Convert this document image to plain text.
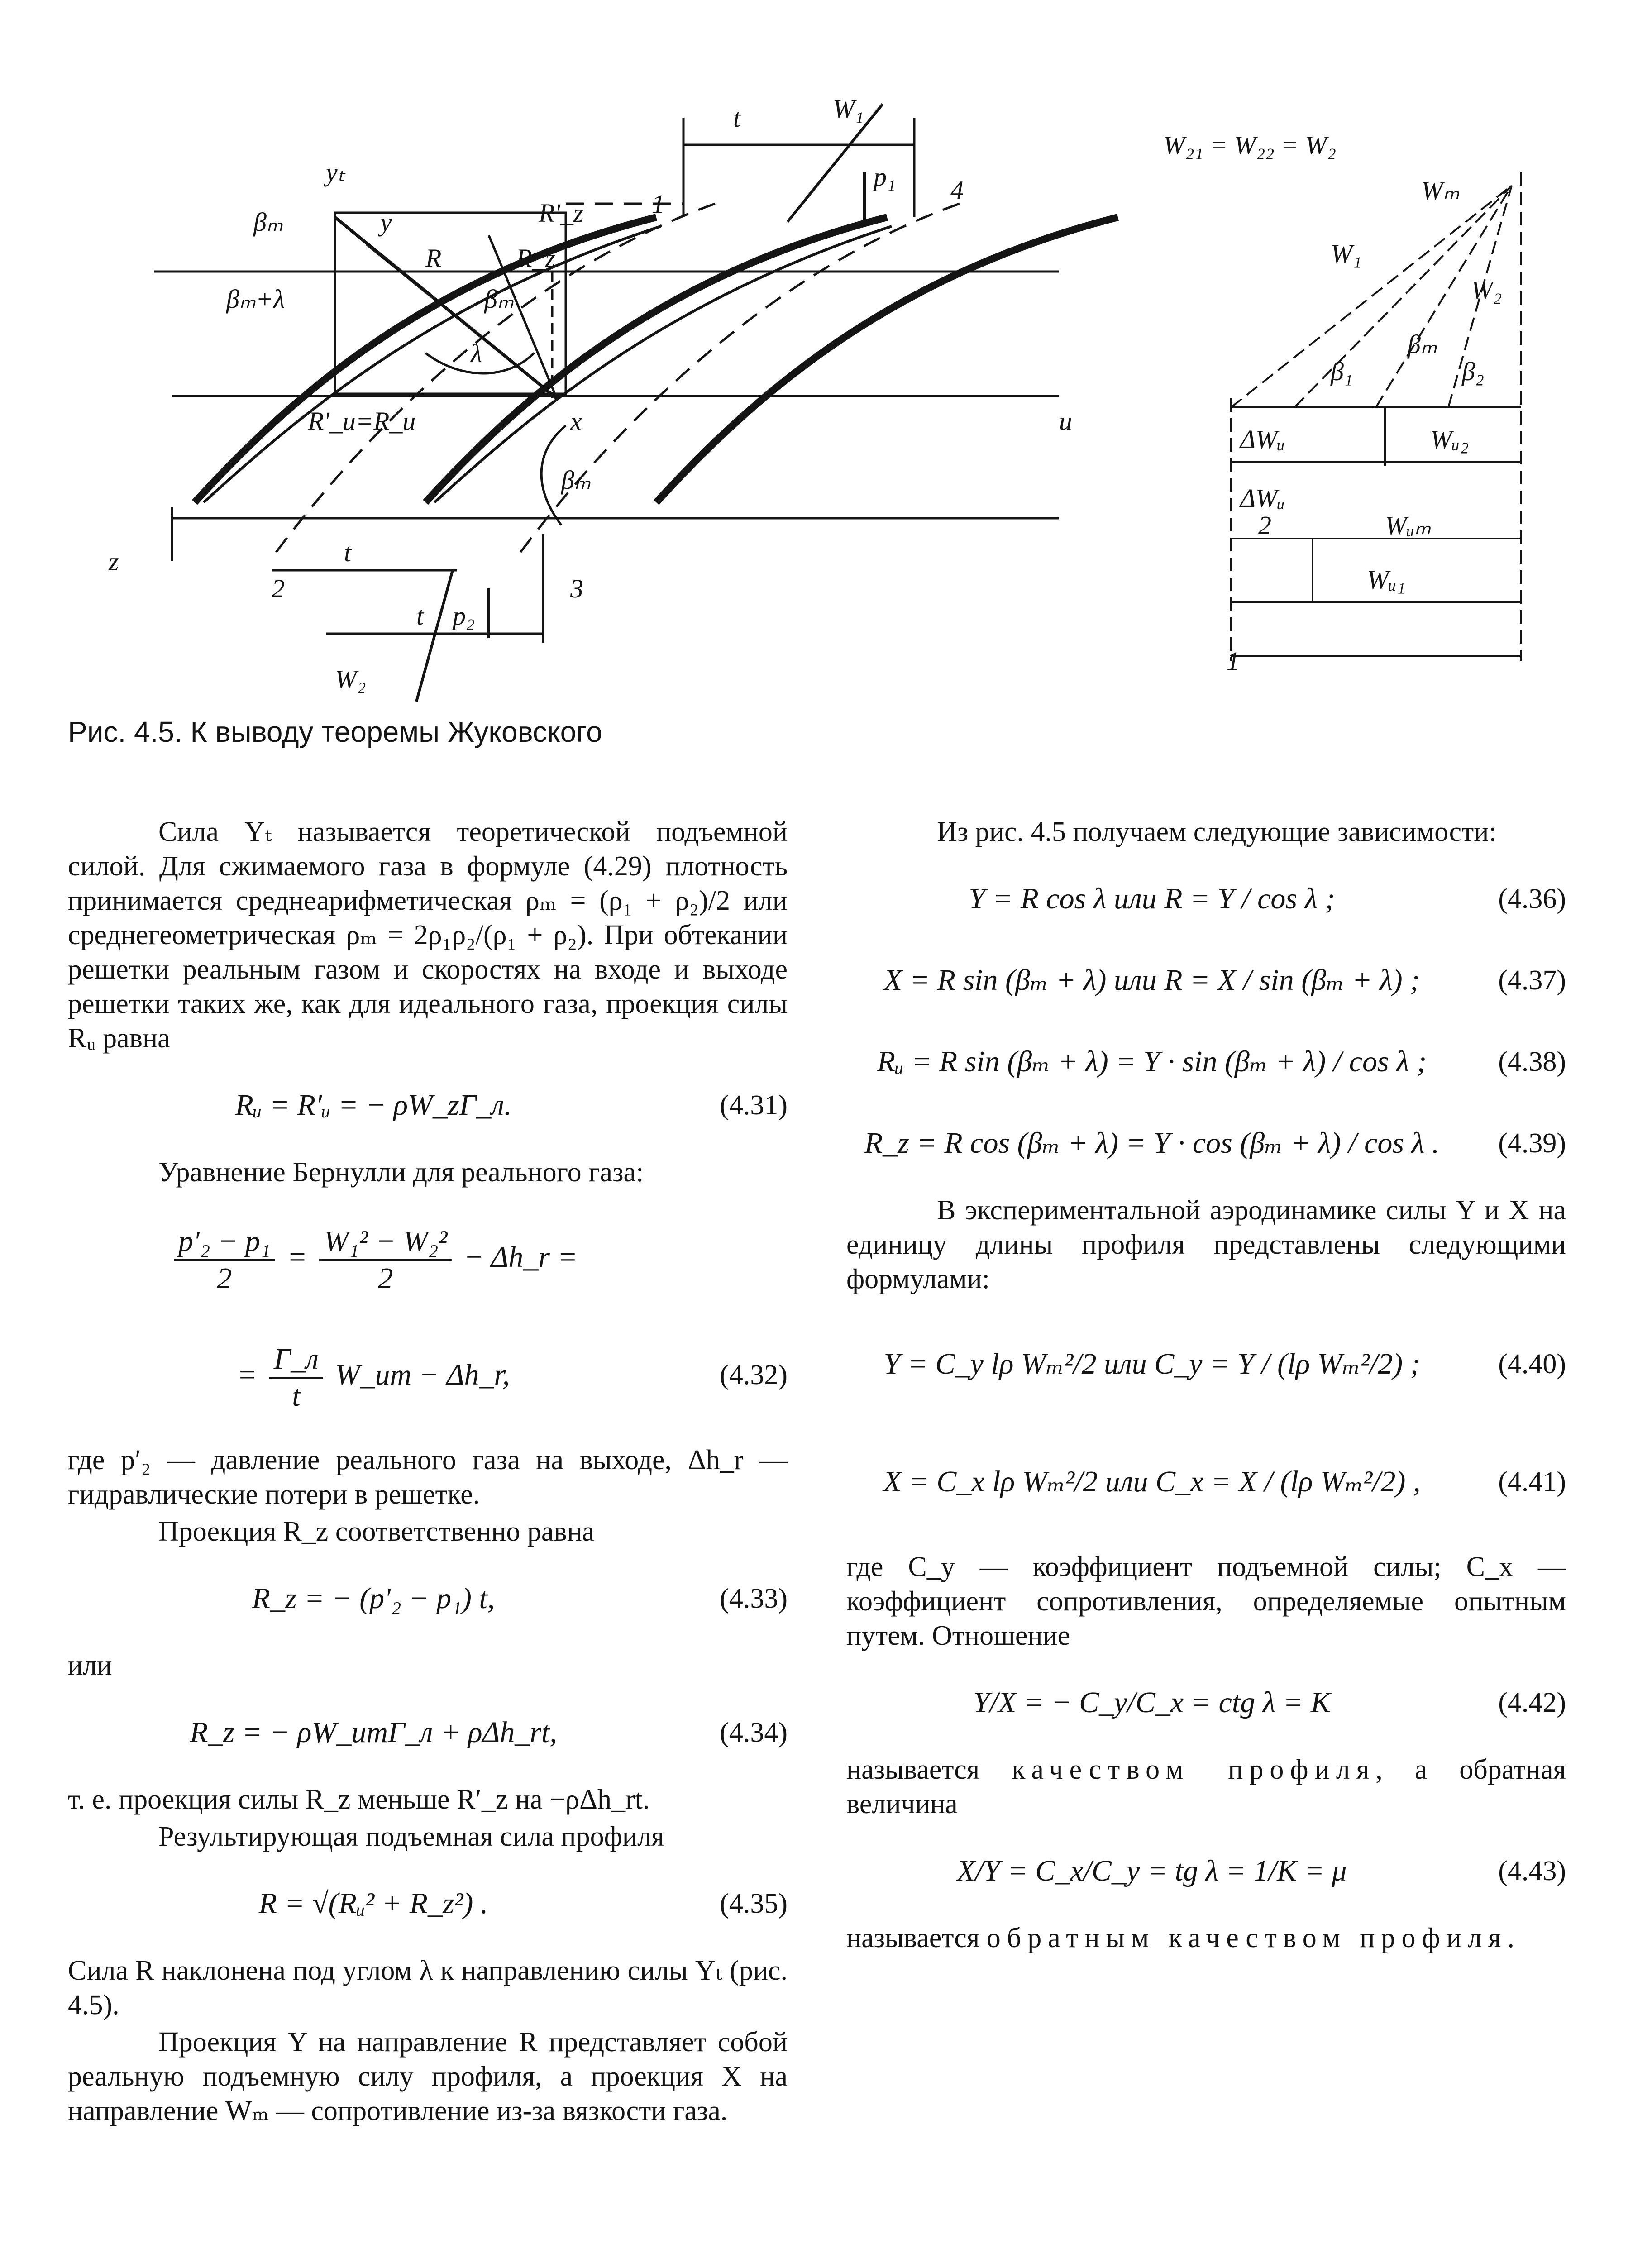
t	W₁
p₁
1	4
yₜ
y	R'_z
R	R_z
βₘ
βₘ+λ	βₘ
λ
R'_u=R_u	x
βₘ
u
z	t
2	3
t p₂
W₂
W₂₁ = W₂₂ = W₂
Wₘ
W₁
W₂
β₁
βₘ
β₂
ΔWᵤ	Wᵤ₂
ΔWᵤ
2	Wᵤₘ
Wᵤ₁
1
Рис. 4.5. К выводу теоремы Жуковского

Сила Yₜ называется теоретической подъемной силой. Для сжимаемого газа в формуле (4.29) плотность принимается среднеарифметическая ρₘ = (ρ₁ + ρ₂)/2 или среднегеометрическая ρₘ = 2ρ₁ρ₂/(ρ₁ + ρ₂). При обтекании решетки реальным газом и скоростях на входе и выходе решетки таких же, как для идеального газа, проекция силы Rᵤ равна

Rᵤ = R′ᵤ = − ρW_zΓ_л.	(4.31)

Уравнение Бернулли для реального газа:

$\frac{\text{p′₂ − p₁}}{2} = \frac{\text{W₁² − W₂²}}{2}$ − Δh_r =
= $\frac{\Gamma\_л}{t}$ W_um − Δh_r,	(4.32)

где p′₂ — давление реального газа на выходе, Δh_r — гидравлические потери в решетке.

Проекция R_z соответственно равна

R_z = − (p′₂ − p₁) t,	(4.33)

или

R_z = − ρW_umΓ_л + ρΔh_rt,	(4.34)

т. е. проекция силы R_z меньше R′_z на −ρΔh_rt.

Результирующая подъемная сила профиля

R = √(Rᵤ² + R_z²) .	(4.35)

Сила R наклонена под углом λ к направлению силы Yₜ (рис. 4.5).

Проекция Y на направление R представляет собой реальную подъемную силу профиля, а проекция X на направление Wₘ — сопротивление из-за вязкости газа.

Из рис. 4.5 получаем следующие зависимости:

Y = R cos λ или R = Y / cos λ ;	(4.36)
X = R sin (βₘ + λ) или R = X / sin (βₘ + λ) ;	(4.37)
Rᵤ = R sin (βₘ + λ) = Y · sin (βₘ + λ) / cos λ ;	(4.38)
R_z = R cos (βₘ + λ) = Y · cos (βₘ + λ) / cos λ .	(4.39)

В экспериментальной аэродинамике силы Y и X на единицу длины профиля представлены следующими формулами:

Y = C_y lρ Wₘ²/2 или C_y = Y / (lρ Wₘ²/2) ;	(4.40)
X = C_x lρ Wₘ²/2 или C_x = X / (lρ Wₘ²/2) ,	(4.41)

где C_y — коэффициент подъемной силы; C_x — коэффициент сопротивления, определяемые опытным путем. Отношение

Y/X = − C_y/C_x = ctg λ = K	(4.42)

называется качеством профиля, а обратная величина

X/Y = C_x/C_y = tg λ = 1/K = μ	(4.43)

называется обратным качеством профиля.
